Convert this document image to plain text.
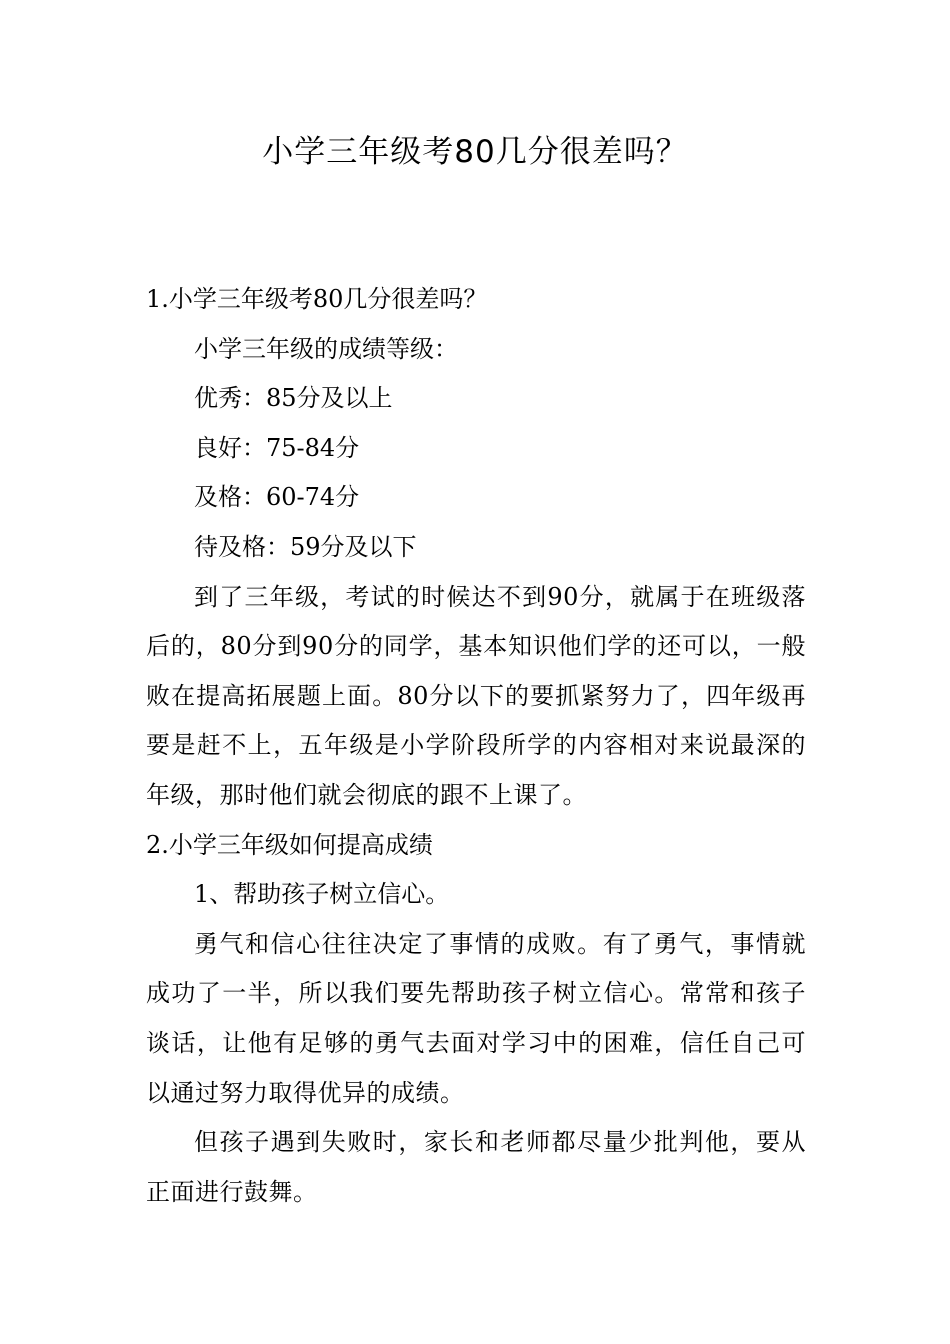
小学三年级考80几分很差吗？

1.小学三年级考80几分很差吗？

小学三年级的成绩等级：

优秀：85分及以上

良好：75-84分

及格：60-74分

待及格：59分及以下

到了三年级，考试的时候达不到90分，就属于在班级落后的，80分到90分的同学，基本知识他们学的还可以，一般败在提高拓展题上面。80分以下的要抓紧努力了，四年级再要是赶不上，五年级是小学阶段所学的内容相对来说最深的年级，那时他们就会彻底的跟不上课了。

2.小学三年级如何提高成绩

1、帮助孩子树立信心。

勇气和信心往往决定了事情的成败。有了勇气，事情就成功了一半，所以我们要先帮助孩子树立信心。常常和孩子谈话，让他有足够的勇气去面对学习中的困难，信任自己可以通过努力取得优异的成绩。

但孩子遇到失败时，家长和老师都尽量少批判他，要从正面进行鼓舞。
